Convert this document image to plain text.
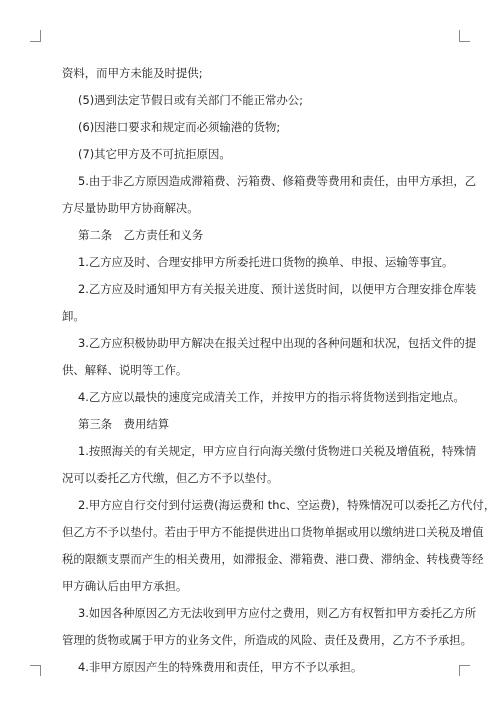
资料，而甲方未能及时提供;
(5)遇到法定节假日或有关部门不能正常办公;
(6)因港口要求和规定而必须输港的货物;
(7)其它甲方及不可抗拒原因。
5.由于非乙方原因造成滞箱费、污箱费、修箱费等费用和责任，由甲方承担，乙
方尽量协助甲方协商解决。
第二条　乙方责任和义务
1.乙方应及时、合理安排甲方所委托进口货物的换单、申报、运输等事宜。
2.乙方应及时通知甲方有关报关进度、预计送货时间，以便甲方合理安排仓库装
卸。
3.乙方应积极协助甲方解决在报关过程中出现的各种问题和状况，包括文件的提
供、解释、说明等工作。
4.乙方应以最快的速度完成清关工作，并按甲方的指示将货物送到指定地点。
第三条　费用结算
1.按照海关的有关规定，甲方应自行向海关缴付货物进口关税及增值税，特殊情
况可以委托乙方代缴，但乙方不予以垫付。
2.甲方应自行交付到付运费(海运费和 thc、空运费)，特殊情况可以委托乙方代付，
但乙方不予以垫付。若由于甲方不能提供进出口货物单据或用以缴纳进口关税及增值
税的限额支票而产生的相关费用，如滞报金、滞箱费、港口费、滞纳金、转栈费等经
甲方确认后由甲方承担。
3.如因各种原因乙方无法收到甲方应付之费用，则乙方有权暂扣甲方委托乙方所
管理的货物或属于甲方的业务文件，所造成的风险、责任及费用，乙方不予承担。
4.非甲方原因产生的特殊费用和责任，甲方不予以承担。
